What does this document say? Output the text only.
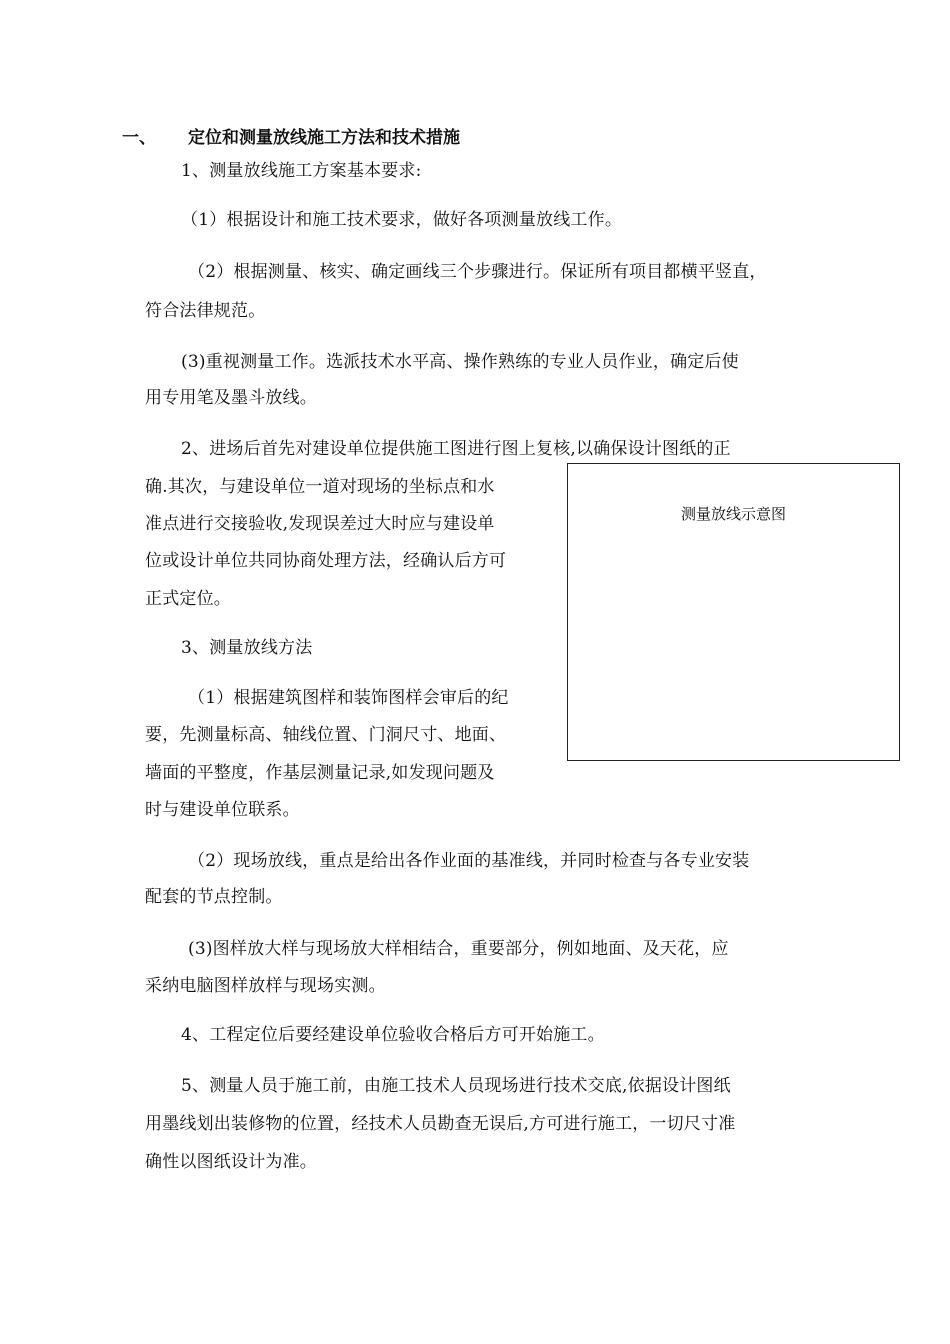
一、 定位和测量放线施工方法和技术措施
1、测量放线施工方案基本要求:
（1）根据设计和施工技术要求，做好各项测量放线工作。
（2）根据测量、核实、确定画线三个步骤进行。保证所有项目都横平竖直，
符合法律规范。
(3)重视测量工作。选派技术水平高、操作熟练的专业人员作业，确定后使
用专用笔及墨斗放线。
2、进场后首先对建设单位提供施工图进行图上复核,以确保设计图纸的正
确.其次，与建设单位一道对现场的坐标点和水
准点进行交接验收,发现误差过大时应与建设单
位或设计单位共同协商处理方法，经确认后方可
正式定位。
3、测量放线方法
（1）根据建筑图样和装饰图样会审后的纪
要，先测量标高、轴线位置、门洞尺寸、地面、
墙面的平整度，作基层测量记录,如发现问题及
时与建设单位联系。
（2）现场放线，重点是给出各作业面的基准线，并同时检查与各专业安装
配套的节点控制。
(3)图样放大样与现场放大样相结合，重要部分，例如地面、及天花，应
采纳电脑图样放样与现场实测。
4、工程定位后要经建设单位验收合格后方可开始施工。
5、测量人员于施工前，由施工技术人员现场进行技术交底,依据设计图纸
用墨线划出装修物的位置，经技术人员勘查无误后,方可进行施工，一切尺寸准
确性以图纸设计为准。
测量放线示意图
